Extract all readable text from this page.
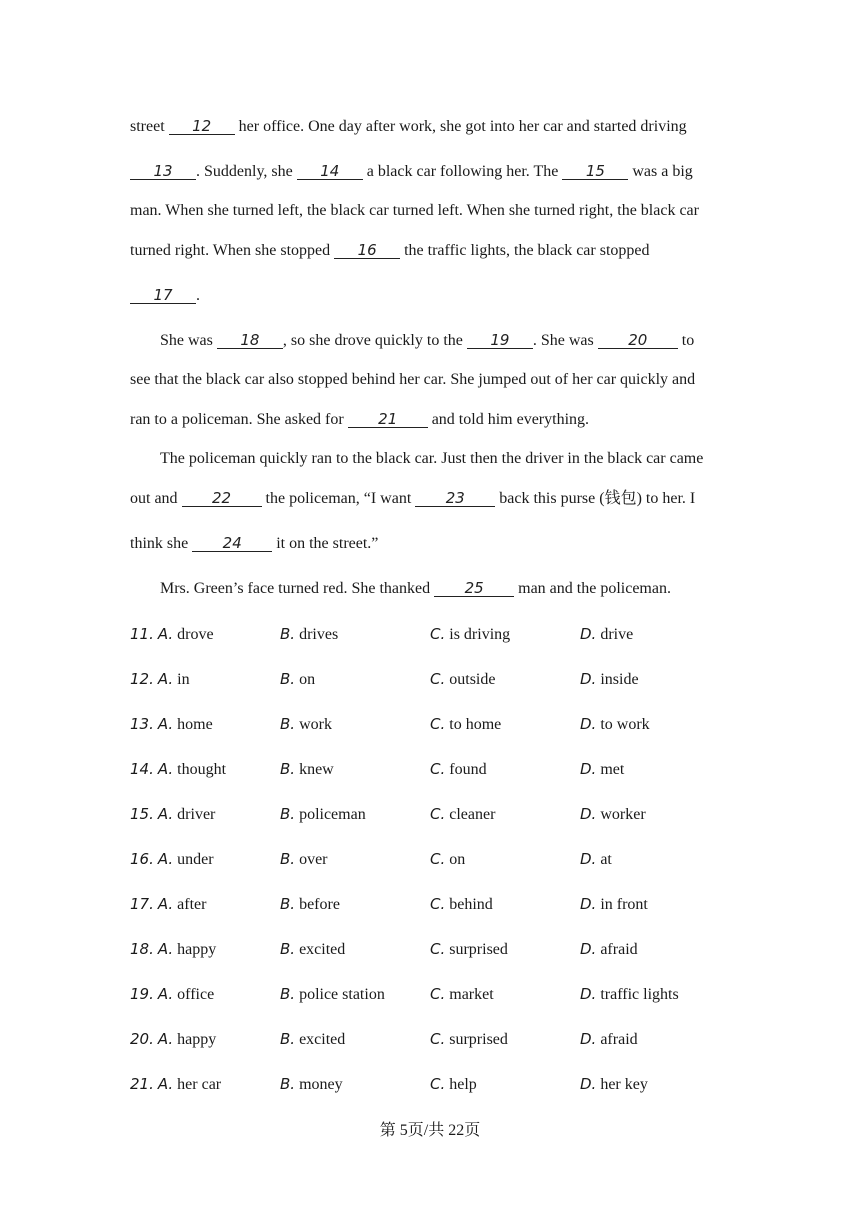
street 12 her office. One day after work, she got into her car and started driving
13 . Suddenly, she 14 a black car following her. The 15 was a big
man. When she turned left, the black car turned left. When she turned right, the black car
turned right. When she stopped 16 the traffic lights, the black car stopped
17 .
She was 18 , so she drove quickly to the 19 . She was 20 to
see that the black car also stopped behind her car. She jumped out of her car quickly and
ran to a policeman. She asked for 21 and told him everything.
The policeman quickly ran to the black car. Just then the driver in the black car came
out and 22 the policeman, “I want 23 back this purse (钱包) to her. I
think she 24 it on the street.”
Mrs. Green’s face turned red. She thanked 25 man and the policeman.
11. A. drove	B. drives	C. is driving	D. drive
12. A. in	B. on	C. outside	D. inside
13. A. home	B. work	C. to home	D. to work
14. A. thought	B. knew	C. found	D. met
15. A. driver	B. policeman	C. cleaner	D. worker
16. A. under	B. over	C. on	D. at
17. A. after	B. before	C. behind	D. in front
18. A. happy	B. excited	C. surprised	D. afraid
19. A. office	B. police station	C. market	D. traffic lights
20. A. happy	B. excited	C. surprised	D. afraid
21. A. her car	B. money	C. help	D. her key
第 5页/共 22页
